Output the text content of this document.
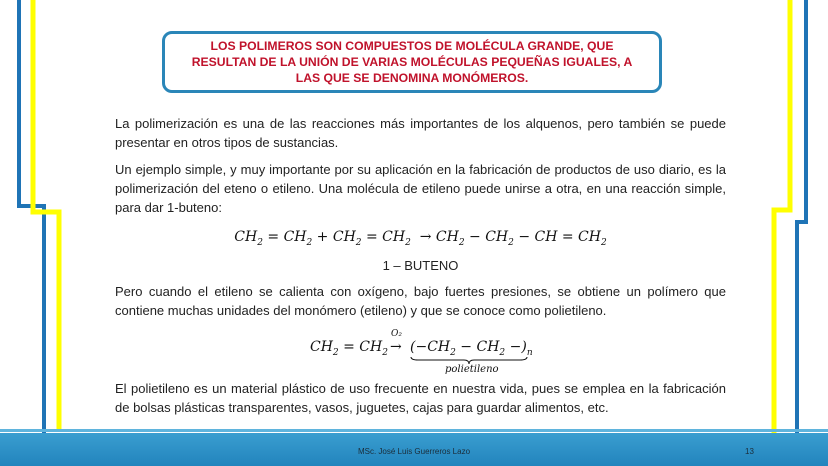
LOS POLIMEROS SON COMPUESTOS DE MOLÉCULA GRANDE, QUE RESULTAN DE LA UNIÓN DE VARIAS MOLÉCULAS PEQUEÑAS IGUALES, A LAS QUE SE DENOMINA MONÓMEROS.

La polimerización es una de las reacciones más importantes de los alquenos, pero también se puede presentar en otros tipos de sustancias.

Un ejemplo simple, y muy importante por su aplicación en la fabricación de productos de uso diario, es la polimerización del eteno o etileno. Una molécula de etileno puede unirse a otra, en una reacción simple, para dar 1-buteno:

$CH_2 = CH_2 + CH_2 = CH_2 \to CH_2 - CH_2$ − CH = $CH_2$
1 – BUTENO

Pero cuando el etileno se calienta con oxígeno, bajo fuertes presiones, se obtiene un polímero que contiene muchas unidades del monómero (etileno) y que se conoce como polietileno.

$CH_2 = CH_2$
O₂
→ $(-CH_2 - CH_2 -)_n$
polietileno

El polietileno es un material plástico de uso frecuente en nuestra vida, pues se emplea en la fabricación de bolsas plásticas transparentes, vasos, juguetes, cajas para guardar alimentos, etc.

MSc. José Luis Guerreros Lazo	13
